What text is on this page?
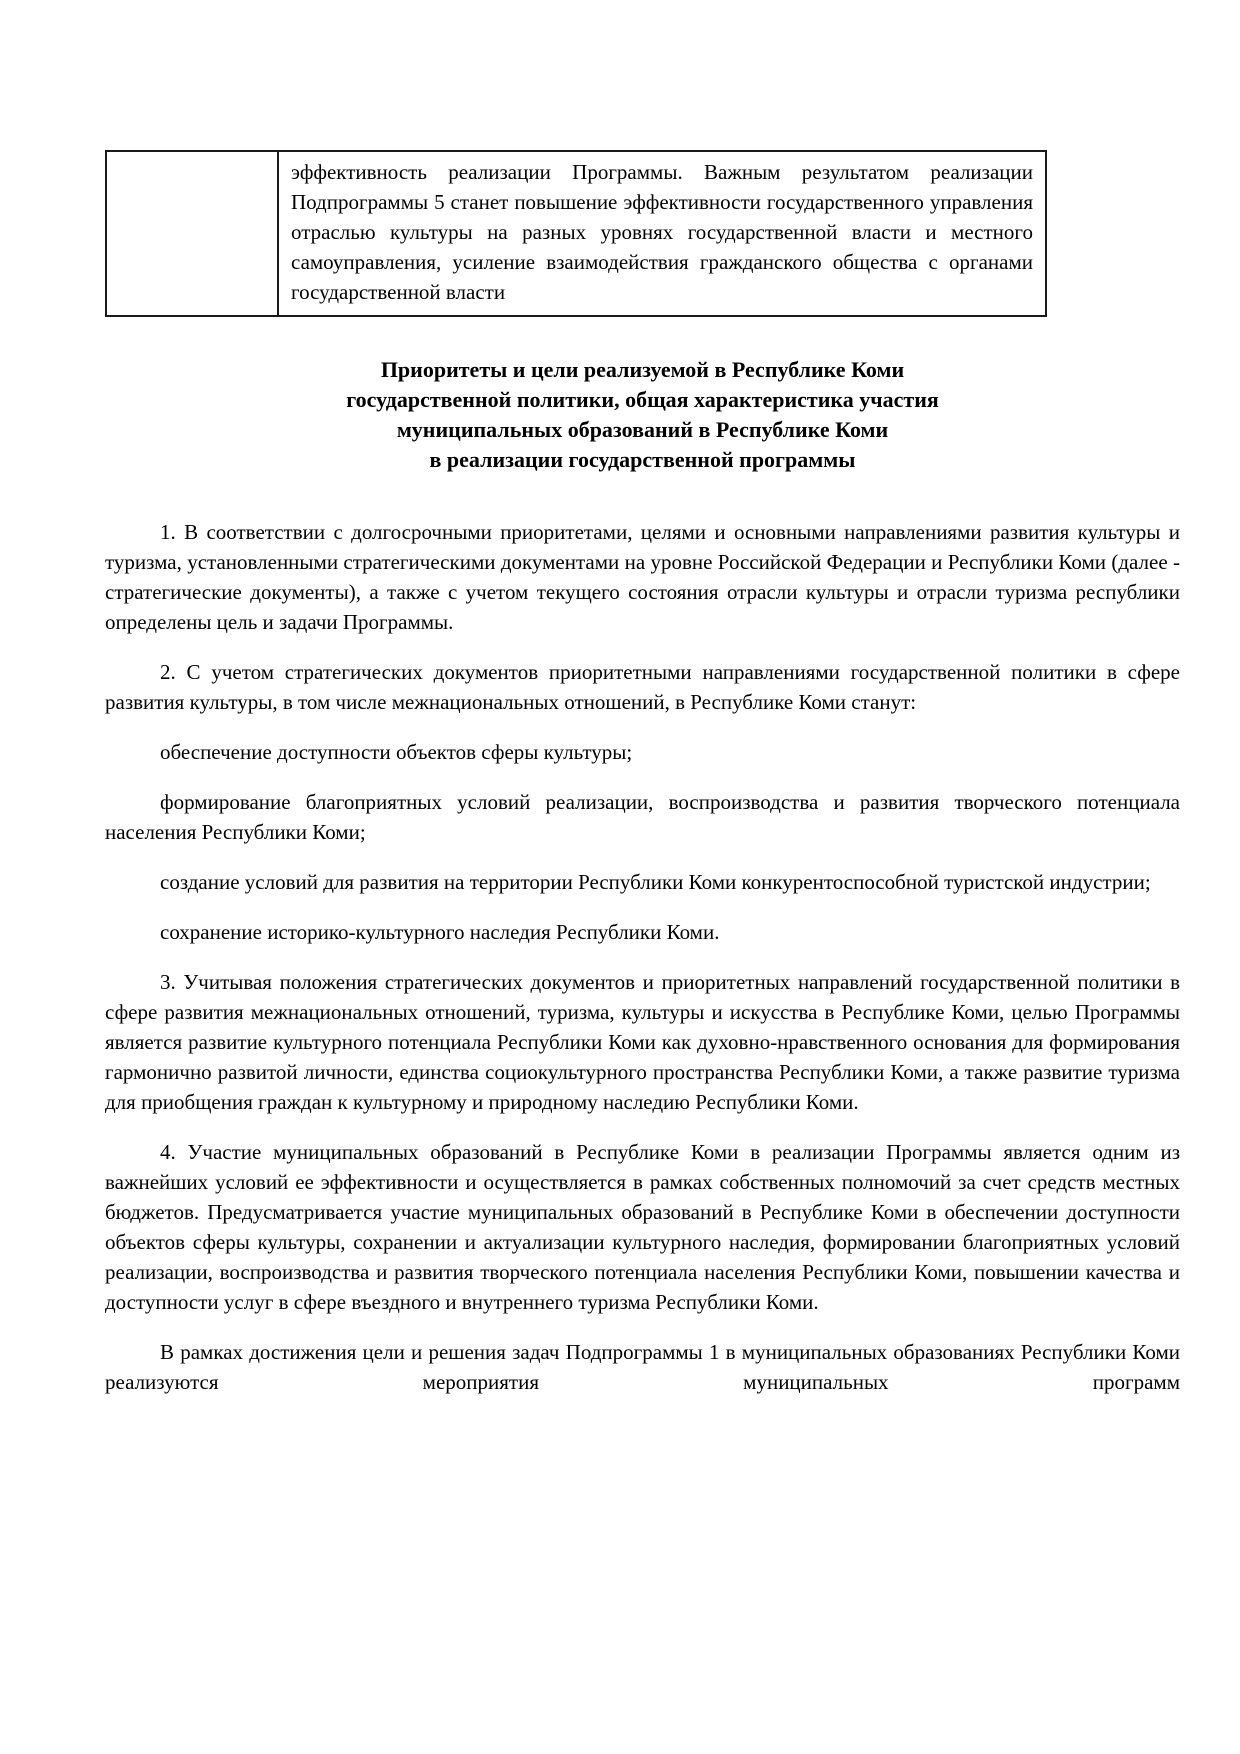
	эффективность реализации Программы. Важным результатом реализации Подпрограммы 5 станет повышение эффективности государственного управления отраслью культуры на разных уровнях государственной власти и местного самоуправления, усиление взаимодействия гражданского общества с органами государственной власти
Приоритеты и цели реализуемой в Республике Коми
государственной политики, общая характеристика участия
муниципальных образований в Республике Коми
в реализации государственной программы

1. В соответствии с долгосрочными приоритетами, целями и основными направлениями развития культуры и туризма, установленными стратегическими документами на уровне Российской Федерации и Республики Коми (далее - стратегические документы), а также с учетом текущего состояния отрасли культуры и отрасли туризма республики определены цель и задачи Программы.

2. С учетом стратегических документов приоритетными направлениями государственной политики в сфере развития культуры, в том числе межнациональных отношений, в Республике Коми станут:

обеспечение доступности объектов сферы культуры;

формирование благоприятных условий реализации, воспроизводства и развития творческого потенциала населения Республики Коми;

создание условий для развития на территории Республики Коми конкурентоспособной туристской индустрии;

сохранение историко-культурного наследия Республики Коми.

3. Учитывая положения стратегических документов и приоритетных направлений государственной политики в сфере развития межнациональных отношений, туризма, культуры и искусства в Республике Коми, целью Программы является развитие культурного потенциала Республики Коми как духовно-нравственного основания для формирования гармонично развитой личности, единства социокультурного пространства Республики Коми, а также развитие туризма для приобщения граждан к культурному и природному наследию Республики Коми.

4. Участие муниципальных образований в Республике Коми в реализации Программы является одним из важнейших условий ее эффективности и осуществляется в рамках собственных полномочий за счет средств местных бюджетов. Предусматривается участие муниципальных образований в Республике Коми в обеспечении доступности объектов сферы культуры, сохранении и актуализации культурного наследия, формировании благоприятных условий реализации, воспроизводства и развития творческого потенциала населения Республики Коми, повышении качества и доступности услуг в сфере въездного и внутреннего туризма Республики Коми.

В рамках достижения цели и решения задач Подпрограммы 1 в муниципальных образованиях Республики Коми реализуются мероприятия муниципальных программ
